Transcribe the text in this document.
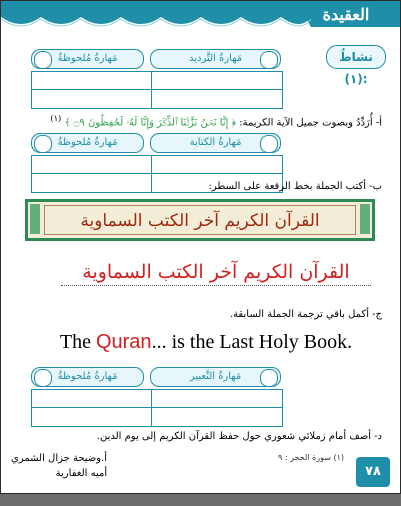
العقيدة
نشاطُ (١):
مَهارةُ مُلحوظةٌ	مَهارةُ التَّرديد
أ- أُرَدِّدُ وبصوت جميل الآية الكريمة: ﴿ إِنَّا نَحۡنُ نَزَّلۡنَا ٱلذِّكۡرَ وَإِنَّا لَهُۥ لَحَٰفِظُونَ ۝٩ ﴾ $^{(١)}$
مَهارةُ مُلحوظةٌ	مَهارةُ الكتابة
ب- أكتب الجملة بخط الرقعة على السطر:
القرآن الكريم آخر الكتب السماوية
القرآن الكريم آخر الكتب السماوية
ج- أكمل باقي ترجمة الجملة السابقة.
The Quran... is the Last Holy Book.
مَهارةُ مُلحوظةٌ	مَهارةُ التَّعبير
د- أصف أمام زملائي شعوري حول حفظ القرآن الكريم إلى يوم الدين.
أ.وضيحة جزال الشمري
أميه الغفارية
(١) سورة الحجر : ٩
٧٨
